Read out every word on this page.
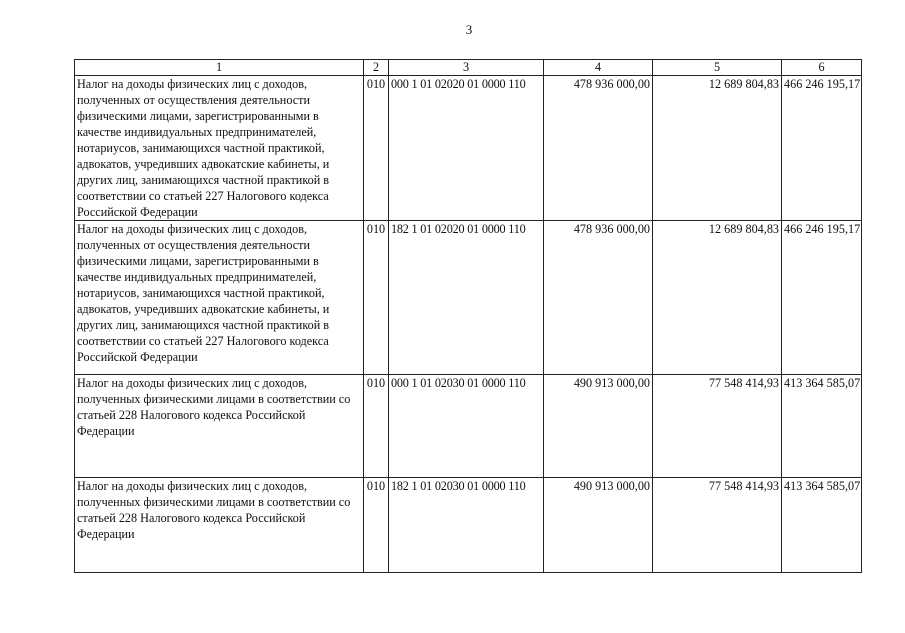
3
1	2	3	4	5	6
Налог на доходы физических лиц с доходов, полученных от осуществления деятельности физическими лицами, зарегистрированными в качестве индивидуальных предпринимателей, нотариусов, занимающихся частной практикой, адвокатов, учредивших адвокатские кабинеты, и других лиц, занимающихся частной практикой в соответствии со статьей 227 Налогового кодекса Российской Федерации	010	000 1 01 02020 01 0000 110	478 936 000,00	12 689 804,83	466 246 195,17
Налог на доходы физических лиц с доходов, полученных от осуществления деятельности физическими лицами, зарегистрированными в качестве индивидуальных предпринимателей, нотариусов, занимающихся частной практикой, адвокатов, учредивших адвокатские кабинеты, и других лиц, занимающихся частной практикой в соответствии со статьей 227 Налогового кодекса Российской Федерации	010	182 1 01 02020 01 0000 110	478 936 000,00	12 689 804,83	466 246 195,17
Налог на доходы физических лиц с доходов, полученных физическими лицами в соответствии со статьей 228 Налогового кодекса Российской Федерации	010	000 1 01 02030 01 0000 110	490 913 000,00	77 548 414,93	413 364 585,07
Налог на доходы физических лиц с доходов, полученных физическими лицами в соответствии со статьей 228 Налогового кодекса Российской Федерации	010	182 1 01 02030 01 0000 110	490 913 000,00	77 548 414,93	413 364 585,07
